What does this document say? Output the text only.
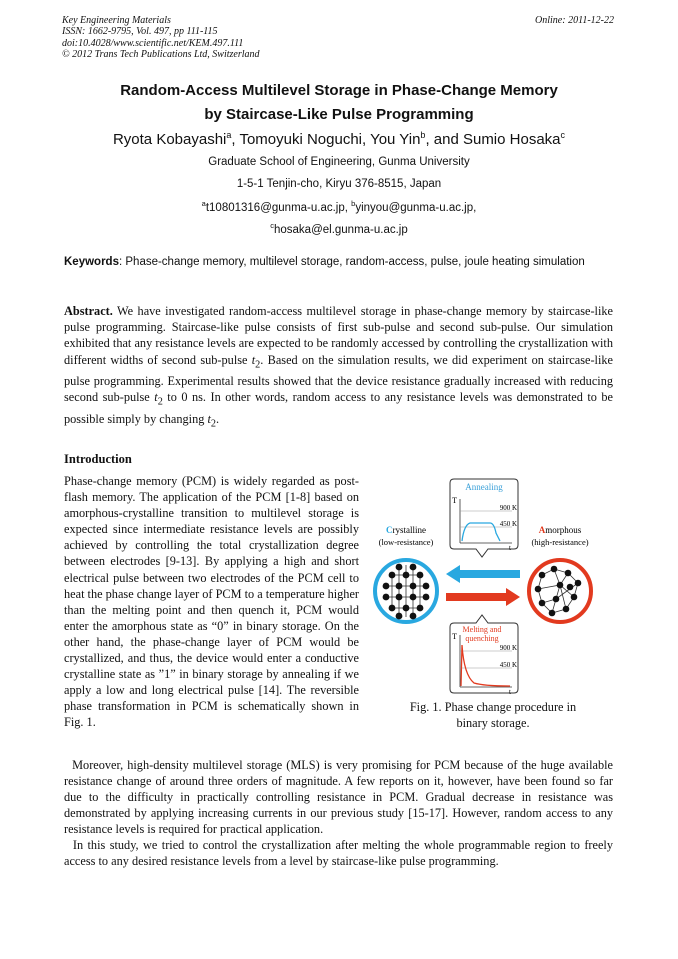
Key Engineering Materials
ISSN: 1662-9795, Vol. 497, pp 111-115
doi:10.4028/www.scientific.net/KEM.497.111
© 2012 Trans Tech Publications Ltd, Switzerland
Online: 2011-12-22
Random-Access Multilevel Storage in Phase-Change Memory
by Staircase-Like Pulse Programming
Ryota Kobayashi$^a$, Tomoyuki Noguchi, You Yin$^b$, and Sumio Hosaka$^c$
Graduate School of Engineering, Gunma University
1-5-1 Tenjin-cho, Kiryu 376-8515, Japan
$^a$t10801316@gunma-u.ac.jp, $^b$yinyou@gunma-u.ac.jp,
$^c$hosaka@el.gunma-u.ac.jp
Keywords: Phase-change memory, multilevel storage, random-access, pulse, joule heating simulation
Abstract. We have investigated random-access multilevel storage in phase-change memory by staircase-like pulse programming. Staircase-like pulse consists of first sub-pulse and second sub-pulse. Our simulation exhibited that any resistance levels are expected to be randomly accessed by controlling the crystallization with different widths of second sub-pulse $t_2$. Based on the simulation results, we did experiment on staircase-like pulse programming. Experimental results showed that the device resistance gradually increased with reducing second sub-pulse $t_2$ to 0 ns. In other words, random access to any resistance levels was demonstrated to be possible simply by changing $t_2$.
Introduction
Phase-change memory (PCM) is widely regarded as post-flash memory. The application of the PCM [1-8] based on amorphous-crystalline transition to multilevel storage is expected since intermediate resistance levels are possibly achieved by controlling the total crystallization degree between electrodes [9-13]. By applying a high and short electrical pulse between two electrodes of the PCM cell to heat the phase change layer of PCM to a temperature higher than the melting point and then quench it, PCM would enter the amorphous state as “0” in binary storage. On the other hand, the phase-change layer of PCM would be crystallized, and thus, the device would enter a conductive crystalline state as ”1” in binary storage by annealing if we apply a low and long electrical pulse [14]. The reversible phase transformation in PCM is schematically shown in Fig. 1.
Annealing
T
t
900 K
450 K
Crystalline
(low-resistance)
Amorphous
(high-resistance)
Melting and
quenching
T
t
900 K
450 K
Fig. 1. Phase change procedure in
binary storage.
Moreover, high-density multilevel storage (MLS) is very promising for PCM because of the huge available resistance change of around three orders of magnitude. A few reports on it, however, have been found so far due to the difficulty in practically controlling resistance in PCM. Gradual decrease in resistance was demonstrated by applying increasing currents in our previous study [15-17]. However, random access to any resistance levels is required for practical application.
In this study, we tried to control the crystallization after melting the whole programmable region to freely access to any desired resistance levels from a level by staircase-like pulse programming.
